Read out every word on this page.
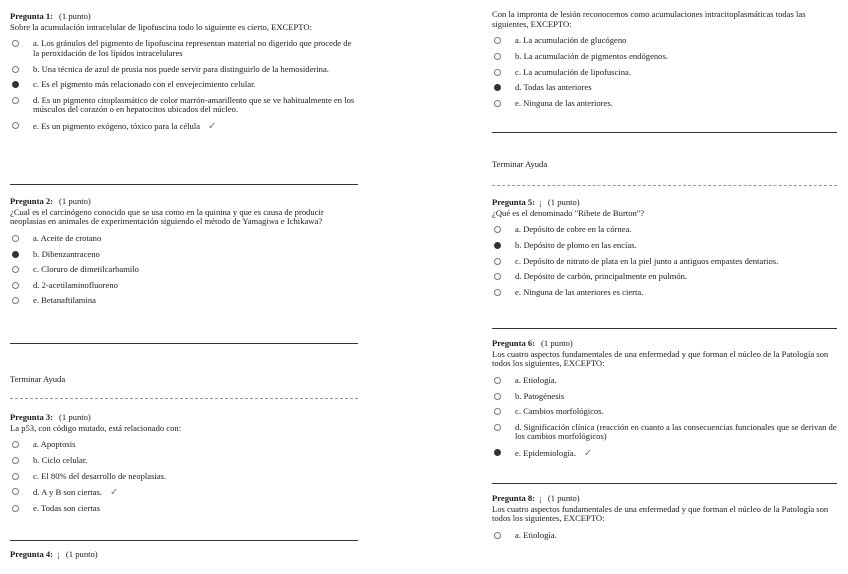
Pregunta 1: (1 punto)
Sobre la acumulación intracelular de lipofuscina todo lo siguiente es cierto, EXCEPTO:
a. Los gránulos del pigmento de lipofuscina representan material no digerido que procede de la peroxidación de los lípidos intracelulares
b. Una técnica de azul de prusia nos puede servir para distinguirlo de la hemosiderina.
c. Es el pigmento más relacionado con el envejecimiento celular.
d. Es un pigmento citoplasmático de color marrón-amarillento que se ve habitualmente en los músculos del corazón o en hepatocitos ubicados del núcleo.
e. Es un pigmento exógeno, tóxico para la célula ✓
Pregunta 2: (1 punto)
¿Cual es el carcinógeno conocido que se usa como en la quinina y que es causa de producir neoplasias en animales de experimentación siguiendo el método de Yamagiwa e Ichikawa?
a. Aceite de crotano
b. Dibenzantraceno
c. Cloruro de dimetilcarbamilo
d. 2-acetilaminofluoreno
e. Betanaftilamina
Terminar Ayuda
Pregunta 3: (1 punto)
La p53, con código mutado, está relacionado con:
a. Apoptosis
b. Ciclo celular.
c. El 80% del desarrollo de neoplasias.
d. A y B son ciertas. ✓
e. Todas son ciertas
Pregunta 4: ¡ (1 punto)
Con la impronta de lesión reconocemos como acumulaciones intracitoplasmáticas todas las siguientes, EXCEPTO:
a. La acumulación de glucógeno
b. La acumulación de pigmentos endógenos.
c. La acumulación de lipofuscina.
d. Todas las anteriores
e. Ninguna de las anteriores.
Terminar Ayuda
Pregunta 5: ¡ (1 punto)
¿Qué es el denominado "Ribete de Burton"?
a. Depósito de cobre en la córnea.
b. Depósito de plomo en las encías.
c. Depósito de nitrato de plata en la piel junto a antiguos empastes dentarios.
d. Depósito de carbón, principalmente en pulmón.
e. Ninguna de las anteriores es cierta.
Pregunta 6: (1 punto)
Los cuatro aspectos fundamentales de una enfermedad y que forman el núcleo de la Patología son todos los siguientes, EXCEPTO:
a. Etiología.
b. Patogénesis
c. Cambios morfológicos.
d. Significación clínica (reacción en cuanto a las consecuencias funcionales que se derivan de los cambios morfológicos)
e. Epidemiología. ✓
Pregunta 8: ¡ (1 punto)
Los cuatro aspectos fundamentales de una enfermedad y que forman el núcleo de la Patología son todos los siguientes, EXCEPTO:
a. Etiología.
